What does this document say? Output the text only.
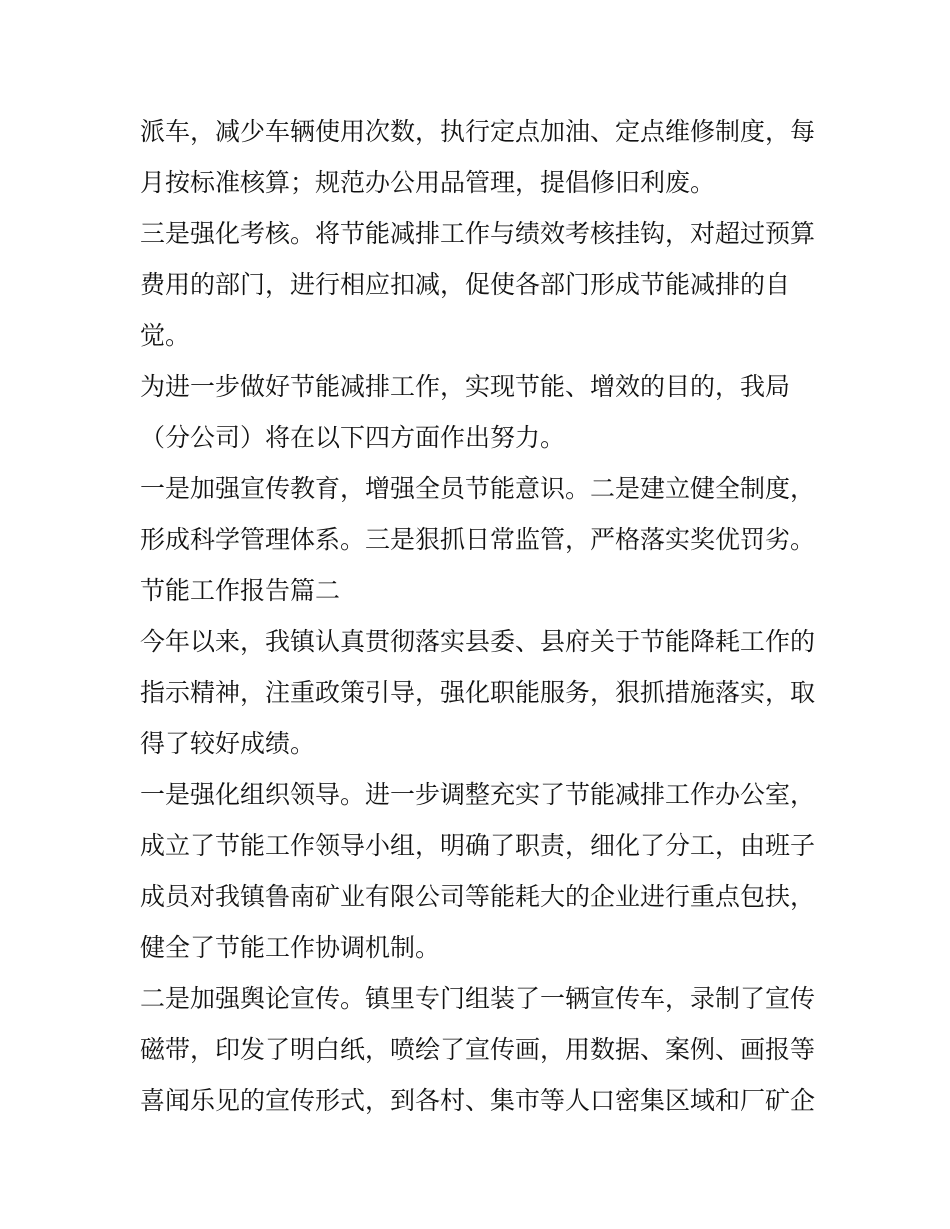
派车，减少车辆使用次数，执行定点加油、定点维修制度，每
月按标准核算；规范办公用品管理，提倡修旧利废。

三是强化考核。将节能减排工作与绩效考核挂钩，对超过预算
费用的部门，进行相应扣减，促使各部门形成节能减排的自
觉。

为进一步做好节能减排工作，实现节能、增效的目的，我局
（分公司）将在以下四方面作出努力。

一是加强宣传教育，增强全员节能意识。二是建立健全制度，
形成科学管理体系。三是狠抓日常监管，严格落实奖优罚劣。

节能工作报告篇二

今年以来，我镇认真贯彻落实县委、县府关于节能降耗工作的
指示精神，注重政策引导，强化职能服务，狠抓措施落实，取
得了较好成绩。

一是强化组织领导。进一步调整充实了节能减排工作办公室，
成立了节能工作领导小组，明确了职责，细化了分工，由班子
成员对我镇鲁南矿业有限公司等能耗大的企业进行重点包扶，
健全了节能工作协调机制。

二是加强舆论宣传。镇里专门组装了一辆宣传车，录制了宣传
磁带，印发了明白纸，喷绘了宣传画，用数据、案例、画报等
喜闻乐见的宣传形式，到各村、集市等人口密集区域和厂矿企
